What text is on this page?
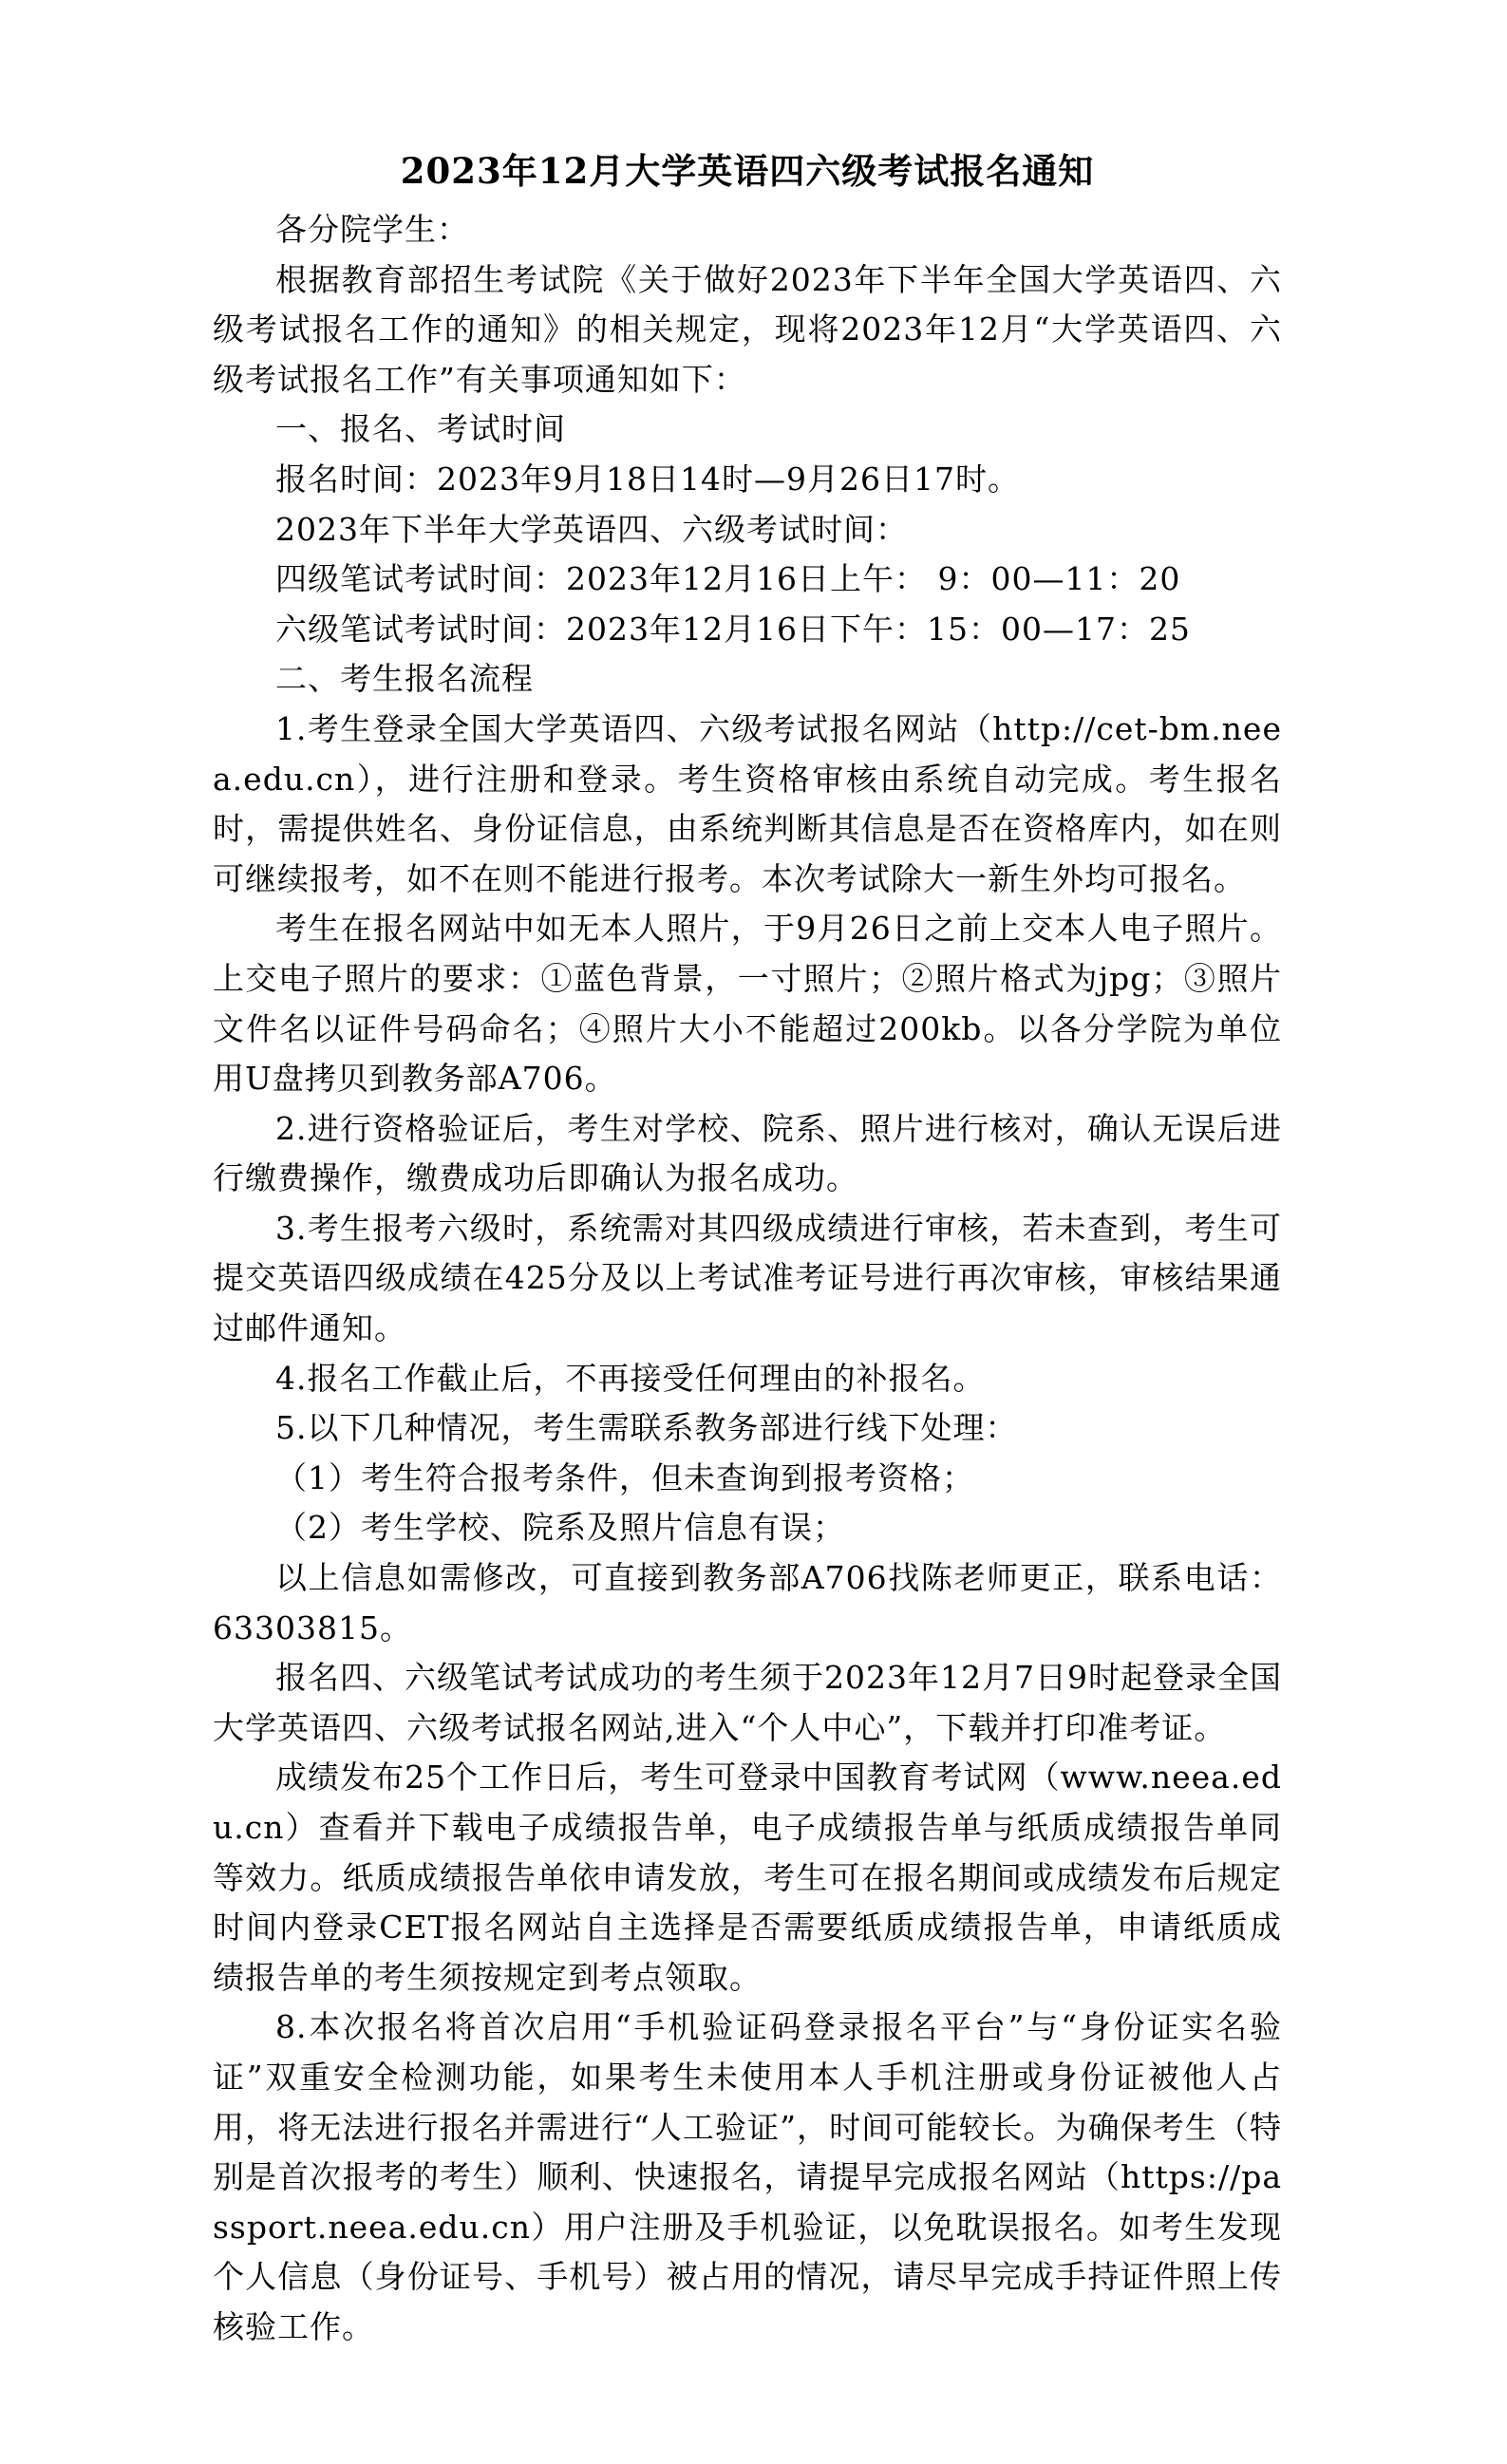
2023年12月大学英语四六级考试报名通知

各分院学生：

根据教育部招生考试院《关于做好2023年下半年全国大学英语四、六级考试报名工作的通知》的相关规定，现将2023年12月“大学英语四、六级考试报名工作”有关事项通知如下：

一、报名、考试时间

报名时间：2023年9月18日14时—9月26日17时。

2023年下半年大学英语四、六级考试时间：

四级笔试考试时间：2023年12月16日上午： 9：00—11：20

六级笔试考试时间：2023年12月16日下午：15：00—17：25

二、考生报名流程

1.考生登录全国大学英语四、六级考试报名网站（http://cet-bm.neea.edu.cn），进行注册和登录。考生资格审核由系统自动完成。考生报名时，需提供姓名、身份证信息，由系统判断其信息是否在资格库内，如在则可继续报考，如不在则不能进行报考。本次考试除大一新生外均可报名。

考生在报名网站中如无本人照片，于9月26日之前上交本人电子照片。上交电子照片的要求：①蓝色背景，一寸照片；②照片格式为jpg；③照片文件名以证件号码命名；④照片大小不能超过200kb。以各分学院为单位用U盘拷贝到教务部A706。

2.进行资格验证后，考生对学校、院系、照片进行核对，确认无误后进行缴费操作，缴费成功后即确认为报名成功。

3.考生报考六级时，系统需对其四级成绩进行审核，若未查到，考生可提交英语四级成绩在425分及以上考试准考证号进行再次审核，审核结果通过邮件通知。

4.报名工作截止后，不再接受任何理由的补报名。

5.以下几种情况，考生需联系教务部进行线下处理：

（1）考生符合报考条件，但未查询到报考资格；

（2）考生学校、院系及照片信息有误；

以上信息如需修改，可直接到教务部A706找陈老师更正，联系电话：63303815。

报名四、六级笔试考试成功的考生须于2023年12月7日9时起登录全国大学英语四、六级考试报名网站,进入“个人中心”，下载并打印准考证。

成绩发布25个工作日后，考生可登录中国教育考试网（www.neea.edu.cn）查看并下载电子成绩报告单，电子成绩报告单与纸质成绩报告单同等效力。纸质成绩报告单依申请发放，考生可在报名期间或成绩发布后规定时间内登录CET报名网站自主选择是否需要纸质成绩报告单，申请纸质成绩报告单的考生须按规定到考点领取。

8.本次报名将首次启用“手机验证码登录报名平台”与“身份证实名验证”双重安全检测功能，如果考生未使用本人手机注册或身份证被他人占用，将无法进行报名并需进行“人工验证”，时间可能较长。为确保考生（特别是首次报考的考生）顺利、快速报名，请提早完成报名网站（https://passport.neea.edu.cn）用户注册及手机验证，以免耽误报名。如考生发现个人信息（身份证号、手机号）被占用的情况，请尽早完成手持证件照上传核验工作。
